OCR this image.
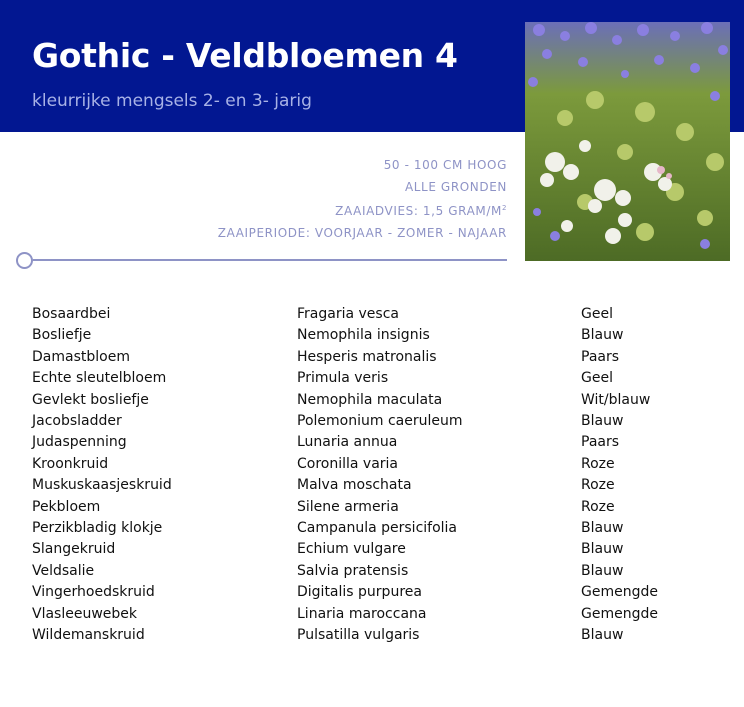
Gothic - Veldbloemen 4

kleurrijke mengsels 2- en 3- jarig

50 - 100 CM HOOG
ALLE GRONDEN
ZAAIADVIES: 1,5 GRAM/$M^2$
ZAAIPERIODE: VOORJAAR - ZOMER - NAJAAR
Bosaardbei	Fragaria vesca	Geel
Bosliefje	Nemophila insignis	Blauw
Damastbloem	Hesperis matronalis	Paars
Echte sleutelbloem	Primula veris	Geel
Gevlekt bosliefje	Nemophila maculata	Wit/blauw
Jacobsladder	Polemonium caeruleum	Blauw
Judaspenning	Lunaria annua	Paars
Kroonkruid	Coronilla varia	Roze
Muskuskaasjeskruid	Malva moschata	Roze
Pekbloem	Silene armeria	Roze
Perzikbladig klokje	Campanula persicifolia	Blauw
Slangekruid	Echium vulgare	Blauw
Veldsalie	Salvia pratensis	Blauw
Vingerhoedskruid	Digitalis purpurea	Gemengde
Vlasleeuwebek	Linaria maroccana	Gemengde
Wildemanskruid	Pulsatilla vulgaris	Blauw
